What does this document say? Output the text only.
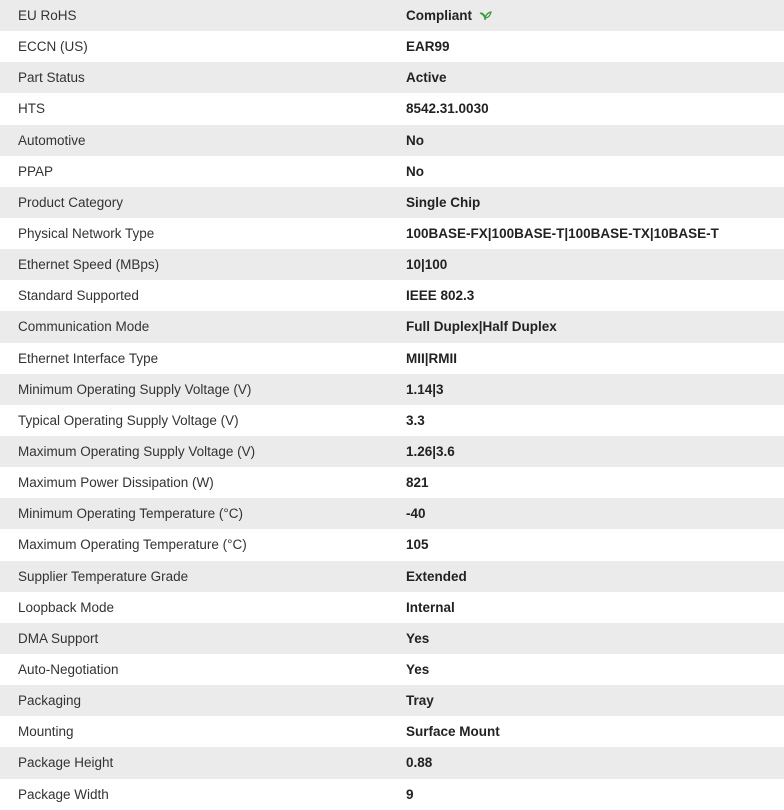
EU RoHS	Compliant
ECCN (US)	EAR99
Part Status	Active
HTS	8542.31.0030
Automotive	No
PPAP	No
Product Category	Single Chip
Physical Network Type	100BASE-FX|100BASE-T|100BASE-TX|10BASE-T
Ethernet Speed (MBps)	10|100
Standard Supported	IEEE 802.3
Communication Mode	Full Duplex|Half Duplex
Ethernet Interface Type	MII|RMII
Minimum Operating Supply Voltage (V)	1.14|3
Typical Operating Supply Voltage (V)	3.3
Maximum Operating Supply Voltage (V)	1.26|3.6
Maximum Power Dissipation (W)	821
Minimum Operating Temperature (°C)	-40
Maximum Operating Temperature (°C)	105
Supplier Temperature Grade	Extended
Loopback Mode	Internal
DMA Support	Yes
Auto-Negotiation	Yes
Packaging	Tray
Mounting	Surface Mount
Package Height	0.88
Package Width	9
